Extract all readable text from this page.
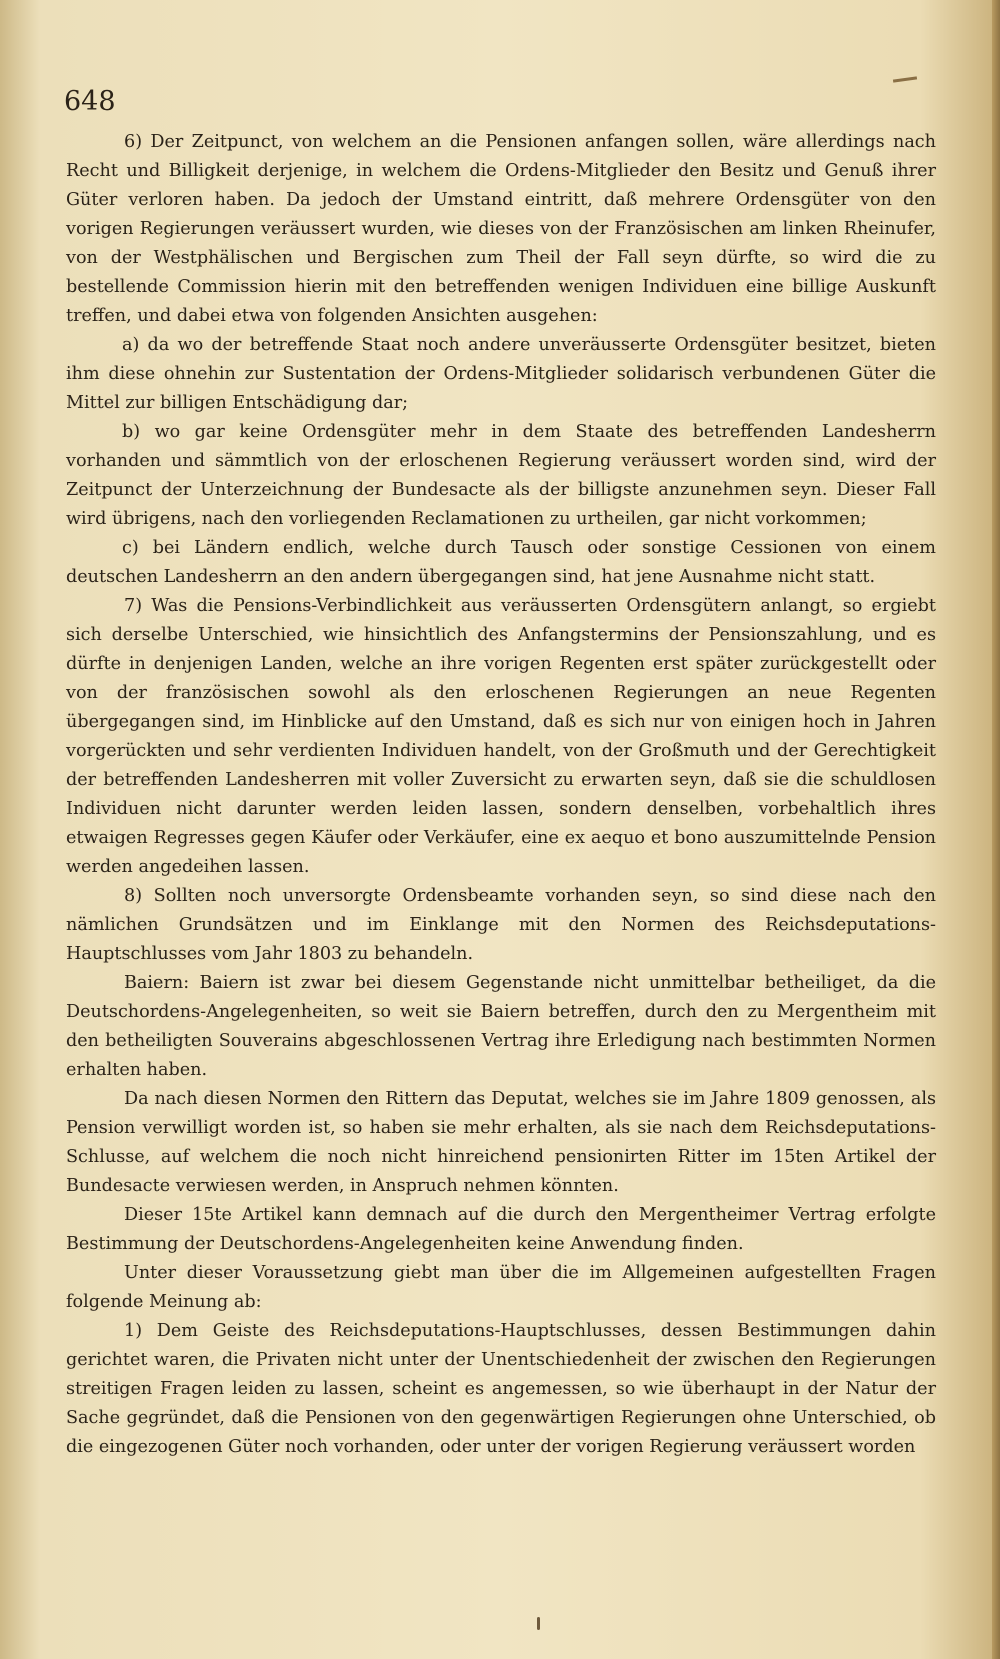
648

6) Der Zeitpunct, von welchem an die Pensionen anfangen sollen, wäre allerdings nach Recht und Billigkeit derjenige, in welchem die Ordens-Mitglieder den Besitz und Genuß ihrer Güter verloren haben. Da jedoch der Umstand eintritt, daß mehrere Ordensgüter von den vorigen Regierungen veräussert wurden, wie dieses von der Französischen am linken Rheinufer, von der Westphälischen und Bergischen zum Theil der Fall seyn dürfte, so wird die zu bestellende Commission hierin mit den betreffenden wenigen Individuen eine billige Auskunft treffen, und dabei etwa von folgenden Ansichten ausgehen:

a) da wo der betreffende Staat noch andere unveräusserte Ordensgüter besitzet, bieten ihm diese ohnehin zur Sustentation der Ordens-Mitglieder solidarisch verbundenen Güter die Mittel zur billigen Entschädigung dar;

b) wo gar keine Ordensgüter mehr in dem Staate des betreffenden Landesherrn vorhanden und sämmtlich von der erloschenen Regierung veräussert worden sind, wird der Zeitpunct der Unterzeichnung der Bundesacte als der billigste anzunehmen seyn. Dieser Fall wird übrigens, nach den vorliegenden Reclamationen zu urtheilen, gar nicht vorkommen;

c) bei Ländern endlich, welche durch Tausch oder sonstige Cessionen von einem deutschen Landesherrn an den andern übergegangen sind, hat jene Ausnahme nicht statt.

7) Was die Pensions-Verbindlichkeit aus veräusserten Ordensgütern anlangt, so ergiebt sich derselbe Unterschied, wie hinsichtlich des Anfangstermins der Pensionszahlung, und es dürfte in denjenigen Landen, welche an ihre vorigen Regenten erst später zurückgestellt oder von der französischen sowohl als den erloschenen Regierungen an neue Regenten übergegangen sind, im Hinblicke auf den Umstand, daß es sich nur von einigen hoch in Jahren vorgerückten und sehr verdienten Individuen handelt, von der Großmuth und der Gerechtigkeit der betreffenden Landesherren mit voller Zuversicht zu erwarten seyn, daß sie die schuldlosen Individuen nicht darunter werden leiden lassen, sondern denselben, vorbehaltlich ihres etwaigen Regresses gegen Käufer oder Verkäufer, eine ex aequo et bono auszumittelnde Pension werden angedeihen lassen.

8) Sollten noch unversorgte Ordensbeamte vorhanden seyn, so sind diese nach den nämlichen Grundsätzen und im Einklange mit den Normen des Reichsdeputations-Hauptschlusses vom Jahr 1803 zu behandeln.

Baiern: Baiern ist zwar bei diesem Gegenstande nicht unmittelbar betheiliget, da die Deutschordens-Angelegenheiten, so weit sie Baiern betreffen, durch den zu Mergentheim mit den betheiligten Souverains abgeschlossenen Vertrag ihre Erledigung nach bestimmten Normen erhalten haben.

Da nach diesen Normen den Rittern das Deputat, welches sie im Jahre 1809 genossen, als Pension verwilligt worden ist, so haben sie mehr erhalten, als sie nach dem Reichsdeputations-Schlusse, auf welchem die noch nicht hinreichend pensionirten Ritter im 15ten Artikel der Bundesacte verwiesen werden, in Anspruch nehmen könnten.

Dieser 15te Artikel kann demnach auf die durch den Mergentheimer Vertrag erfolgte Bestimmung der Deutschordens-Angelegenheiten keine Anwendung finden.

Unter dieser Voraussetzung giebt man über die im Allgemeinen aufgestellten Fragen folgende Meinung ab:

1) Dem Geiste des Reichsdeputations-Hauptschlusses, dessen Bestimmungen dahin gerichtet waren, die Privaten nicht unter der Unentschiedenheit der zwischen den Regierungen streitigen Fragen leiden zu lassen, scheint es angemessen, so wie überhaupt in der Natur der Sache gegründet, daß die Pensionen von den gegenwärtigen Regierungen ohne Unterschied, ob die eingezogenen Güter noch vorhanden, oder unter der vorigen Regierung veräussert worden
